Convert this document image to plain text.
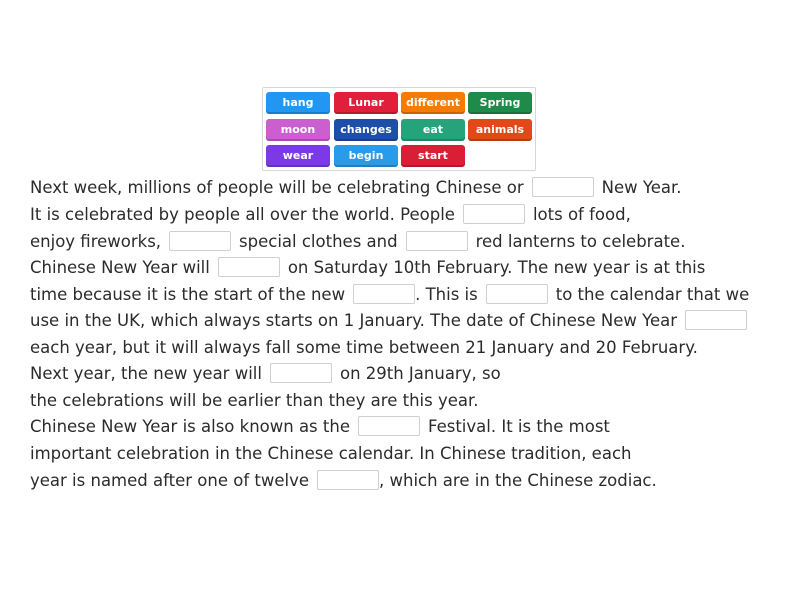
hang	Lunar	different	Spring
moon	changes	eat	animals
wear	begin	start
Next week, millions of people will be celebrating Chinese or	New Year.
It is celebrated by people all over the world. People	lots of food,
enjoy fireworks,	special clothes and	red lanterns to celebrate.
Chinese New Year will	on Saturday 10th February. The new year is at this
time because it is the start of the new	. This is	to the calendar that we
use in the UK, which always starts on 1 January. The date of Chinese New Year
each year, but it will always fall some time between 21 January and 20 February.
Next year, the new year will	on 29th January, so
the celebrations will be earlier than they are this year.
Chinese New Year is also known as the	Festival. It is the most
important celebration in the Chinese calendar. In Chinese tradition, each
year is named after one of twelve	, which are in the Chinese zodiac.
